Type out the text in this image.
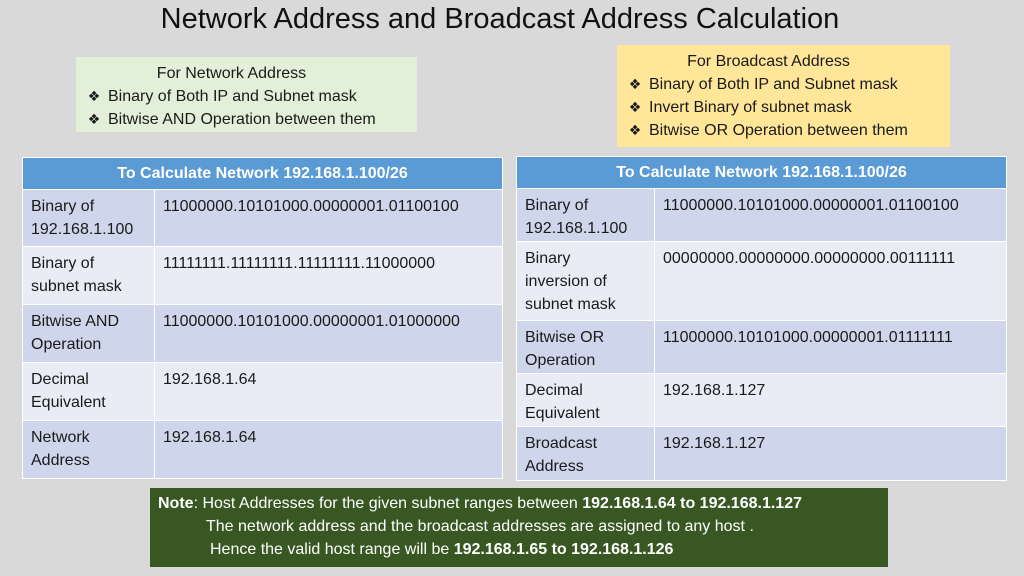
Network Address and Broadcast Address Calculation
For Network Address
❖ Binary of Both IP and Subnet mask
❖ Bitwise AND Operation between them
For Broadcast Address
❖ Binary of Both IP and Subnet mask
❖ Invert Binary of subnet mask
❖ Bitwise OR Operation between them
To Calculate Network 192.168.1.100/26	
Binary of
192.168.1.100	11000000.10101000.00000001.01100100
Binary of
subnet mask	11111111.11111111.11111111.11000000
Bitwise AND
Operation	11000000.10101000.00000001.01000000
Decimal
Equivalent	192.168.1.64
Network
Address	192.168.1.64
To Calculate Network 192.168.1.100/26	
Binary of
192.168.1.100	11000000.10101000.00000001.01100100
Binary
inversion of
subnet mask	00000000.00000000.00000000.00111111
Bitwise OR
Operation	11000000.10101000.00000001.01111111
Decimal
Equivalent	192.168.1.127
Broadcast
Address	192.168.1.127
Note: Host Addresses for the given subnet ranges between 192.168.1.64 to 192.168.1.127
The network address and the broadcast addresses are assigned to any host .
Hence the valid host range will be 192.168.1.65 to 192.168.1.126
